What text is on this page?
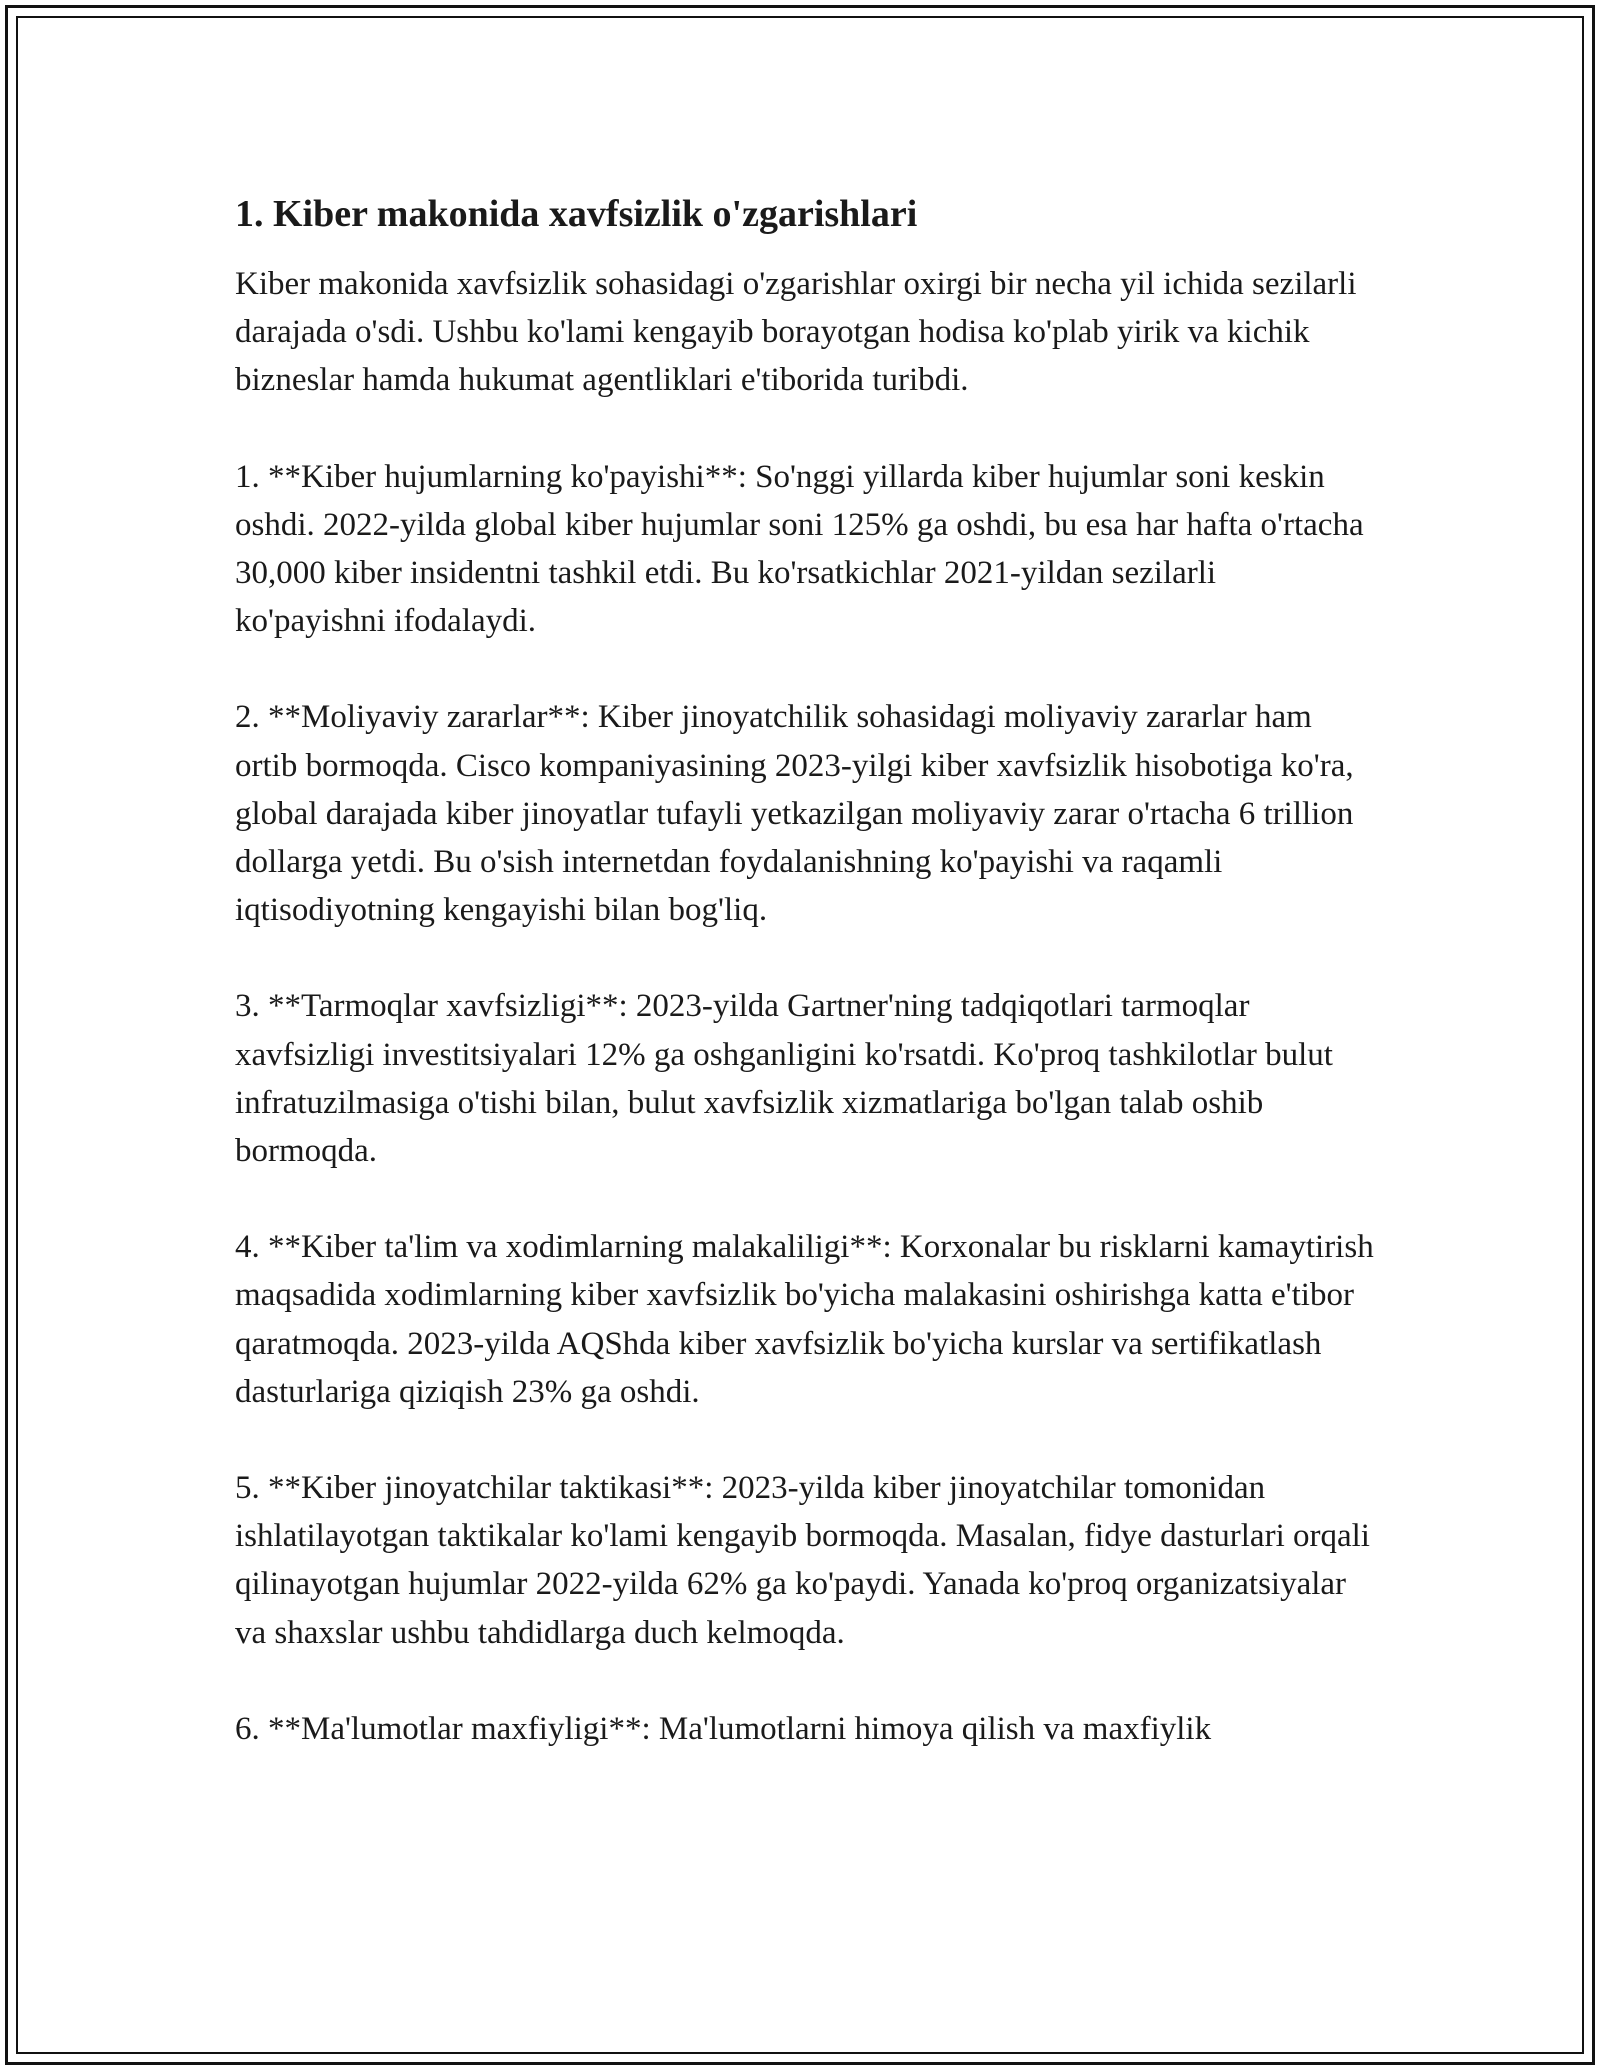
1. Kiber makonida xavfsizlik o'zgarishlari

Kiber makonida xavfsizlik sohasidagi o'zgarishlar oxirgi bir necha yil ichida sezilarli darajada o'sdi. Ushbu ko'lami kengayib borayotgan hodisa ko'plab yirik va kichik bizneslar hamda hukumat agentliklari e'tiborida turibdi.

1. **Kiber hujumlarning ko'payishi**: So'nggi yillarda kiber hujumlar soni keskin oshdi. 2022-yilda global kiber hujumlar soni 125% ga oshdi, bu esa har hafta o'rtacha 30,000 kiber insidentni tashkil etdi. Bu ko'rsatkichlar 2021-yildan sezilarli ko'payishni ifodalaydi.

2. **Moliyaviy zararlar**: Kiber jinoyatchilik sohasidagi moliyaviy zararlar ham ortib bormoqda. Cisco kompaniyasining 2023-yilgi kiber xavfsizlik hisobotiga ko'ra, global darajada kiber jinoyatlar tufayli yetkazilgan moliyaviy zarar o'rtacha 6 trillion dollarga yetdi. Bu o'sish internetdan foydalanishning ko'payishi va raqamli iqtisodiyotning kengayishi bilan bog'liq.

3. **Tarmoqlar xavfsizligi**: 2023-yilda Gartner'ning tadqiqotlari tarmoqlar xavfsizligi investitsiyalari 12% ga oshganligini ko'rsatdi. Ko'proq tashkilotlar bulut infratuzilmasiga o'tishi bilan, bulut xavfsizlik xizmatlariga bo'lgan talab oshib bormoqda.

4. **Kiber ta'lim va xodimlarning malakaliligi**: Korxonalar bu risklarni kamaytirish maqsadida xodimlarning kiber xavfsizlik bo'yicha malakasini oshirishga katta e'tibor qaratmoqda. 2023-yilda AQShda kiber xavfsizlik bo'yicha kurslar va sertifikatlash dasturlariga qiziqish 23% ga oshdi.

5. **Kiber jinoyatchilar taktikasi**: 2023-yilda kiber jinoyatchilar tomonidan ishlatilayotgan taktikalar ko'lami kengayib bormoqda. Masalan, fidye dasturlari orqali qilinayotgan hujumlar 2022-yilda 62% ga ko'paydi. Yanada ko'proq organizatsiyalar va shaxslar ushbu tahdidlarga duch kelmoqda.

6. **Ma'lumotlar maxfiyligi**: Ma'lumotlarni himoya qilish va maxfiylik
